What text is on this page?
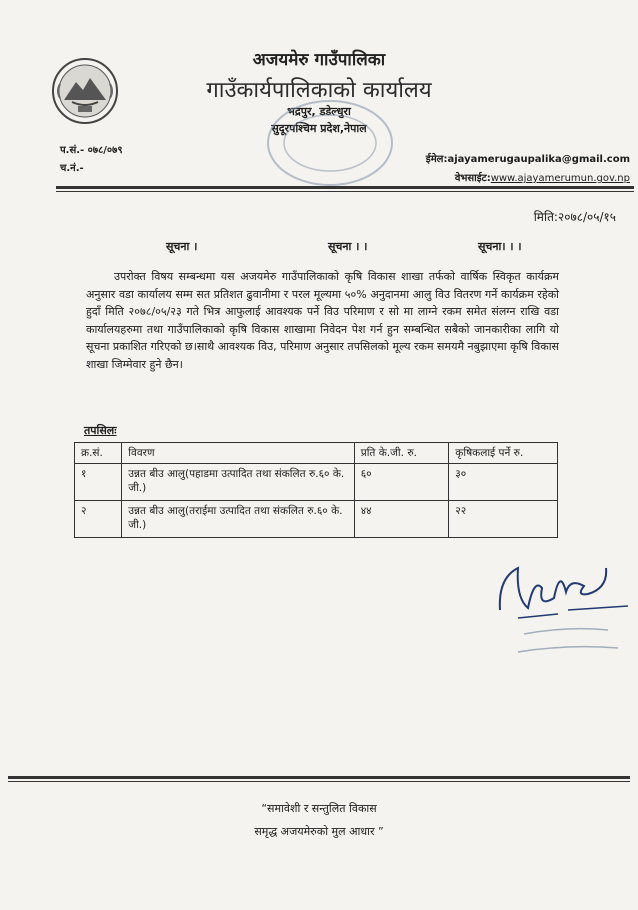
अजयमेरु गाउँपालिका
गाउँकार्यपालिकाको कार्यालय
भद्रपुर, डडेल्धुरा
सुदूरपश्चिम प्रदेश,नेपाल
प.सं.- ०७८/०७९
च.नं.-
ईमेल:ajayamerugaupalika@gmail.com
वेभसाईट:www.ajayamerumun.gov.np
मिति:२०७८/०५/१५
सूचना ।	सूचना । ।	सूचना। । ।

उपरोक्त विषय सम्बन्धमा यस अजयमेरु गाउँपालिकाको कृषि विकास शाखा तर्फको वार्षिक स्विकृत कार्यक्रम अनुसार वडा कार्यालय सम्म सत प्रतिशत ढुवानीमा र परल मूल्यमा ५०% अनुदानमा आलु विउ वितरण गर्ने कार्यक्रम रहेको हुदाँ मिति २०७८/०५/२३ गते भित्र आफुलाई आवश्यक पर्ने विउ परिमाण र सो मा लाग्ने रकम समेत संलग्न राखि वडा कार्यालयहरुमा तथा गाउँपालिकाको कृषि विकास शाखामा निवेदन पेश गर्न हुन सम्बन्धित सबैको जानकारीका लागि यो सूचना प्रकाशित गरिएको छ।साथै आवश्यक विउ, परिमाण अनुसार तपसिलको मूल्य रकम समयमै नबुझाएमा कृषि विकास शाखा जिम्मेवार हुने छैन।

तपसिलः
क्र.सं.	विवरण	प्रति के.जी. रु.	कृषिकलाई पर्ने रु.
१	उन्नत बीउ आलु(पहाडमा उत्पादित तथा संकलित रु.६० के. जी.)	६०	३०
२	उन्नत बीउ आलु(तराईमा उत्पादित तथा संकलित रु.६० के. जी.)	४४	२२
“समावेशी र सन्तुलित विकास
समृद्ध अजयमेरुको मुल आधार ”
